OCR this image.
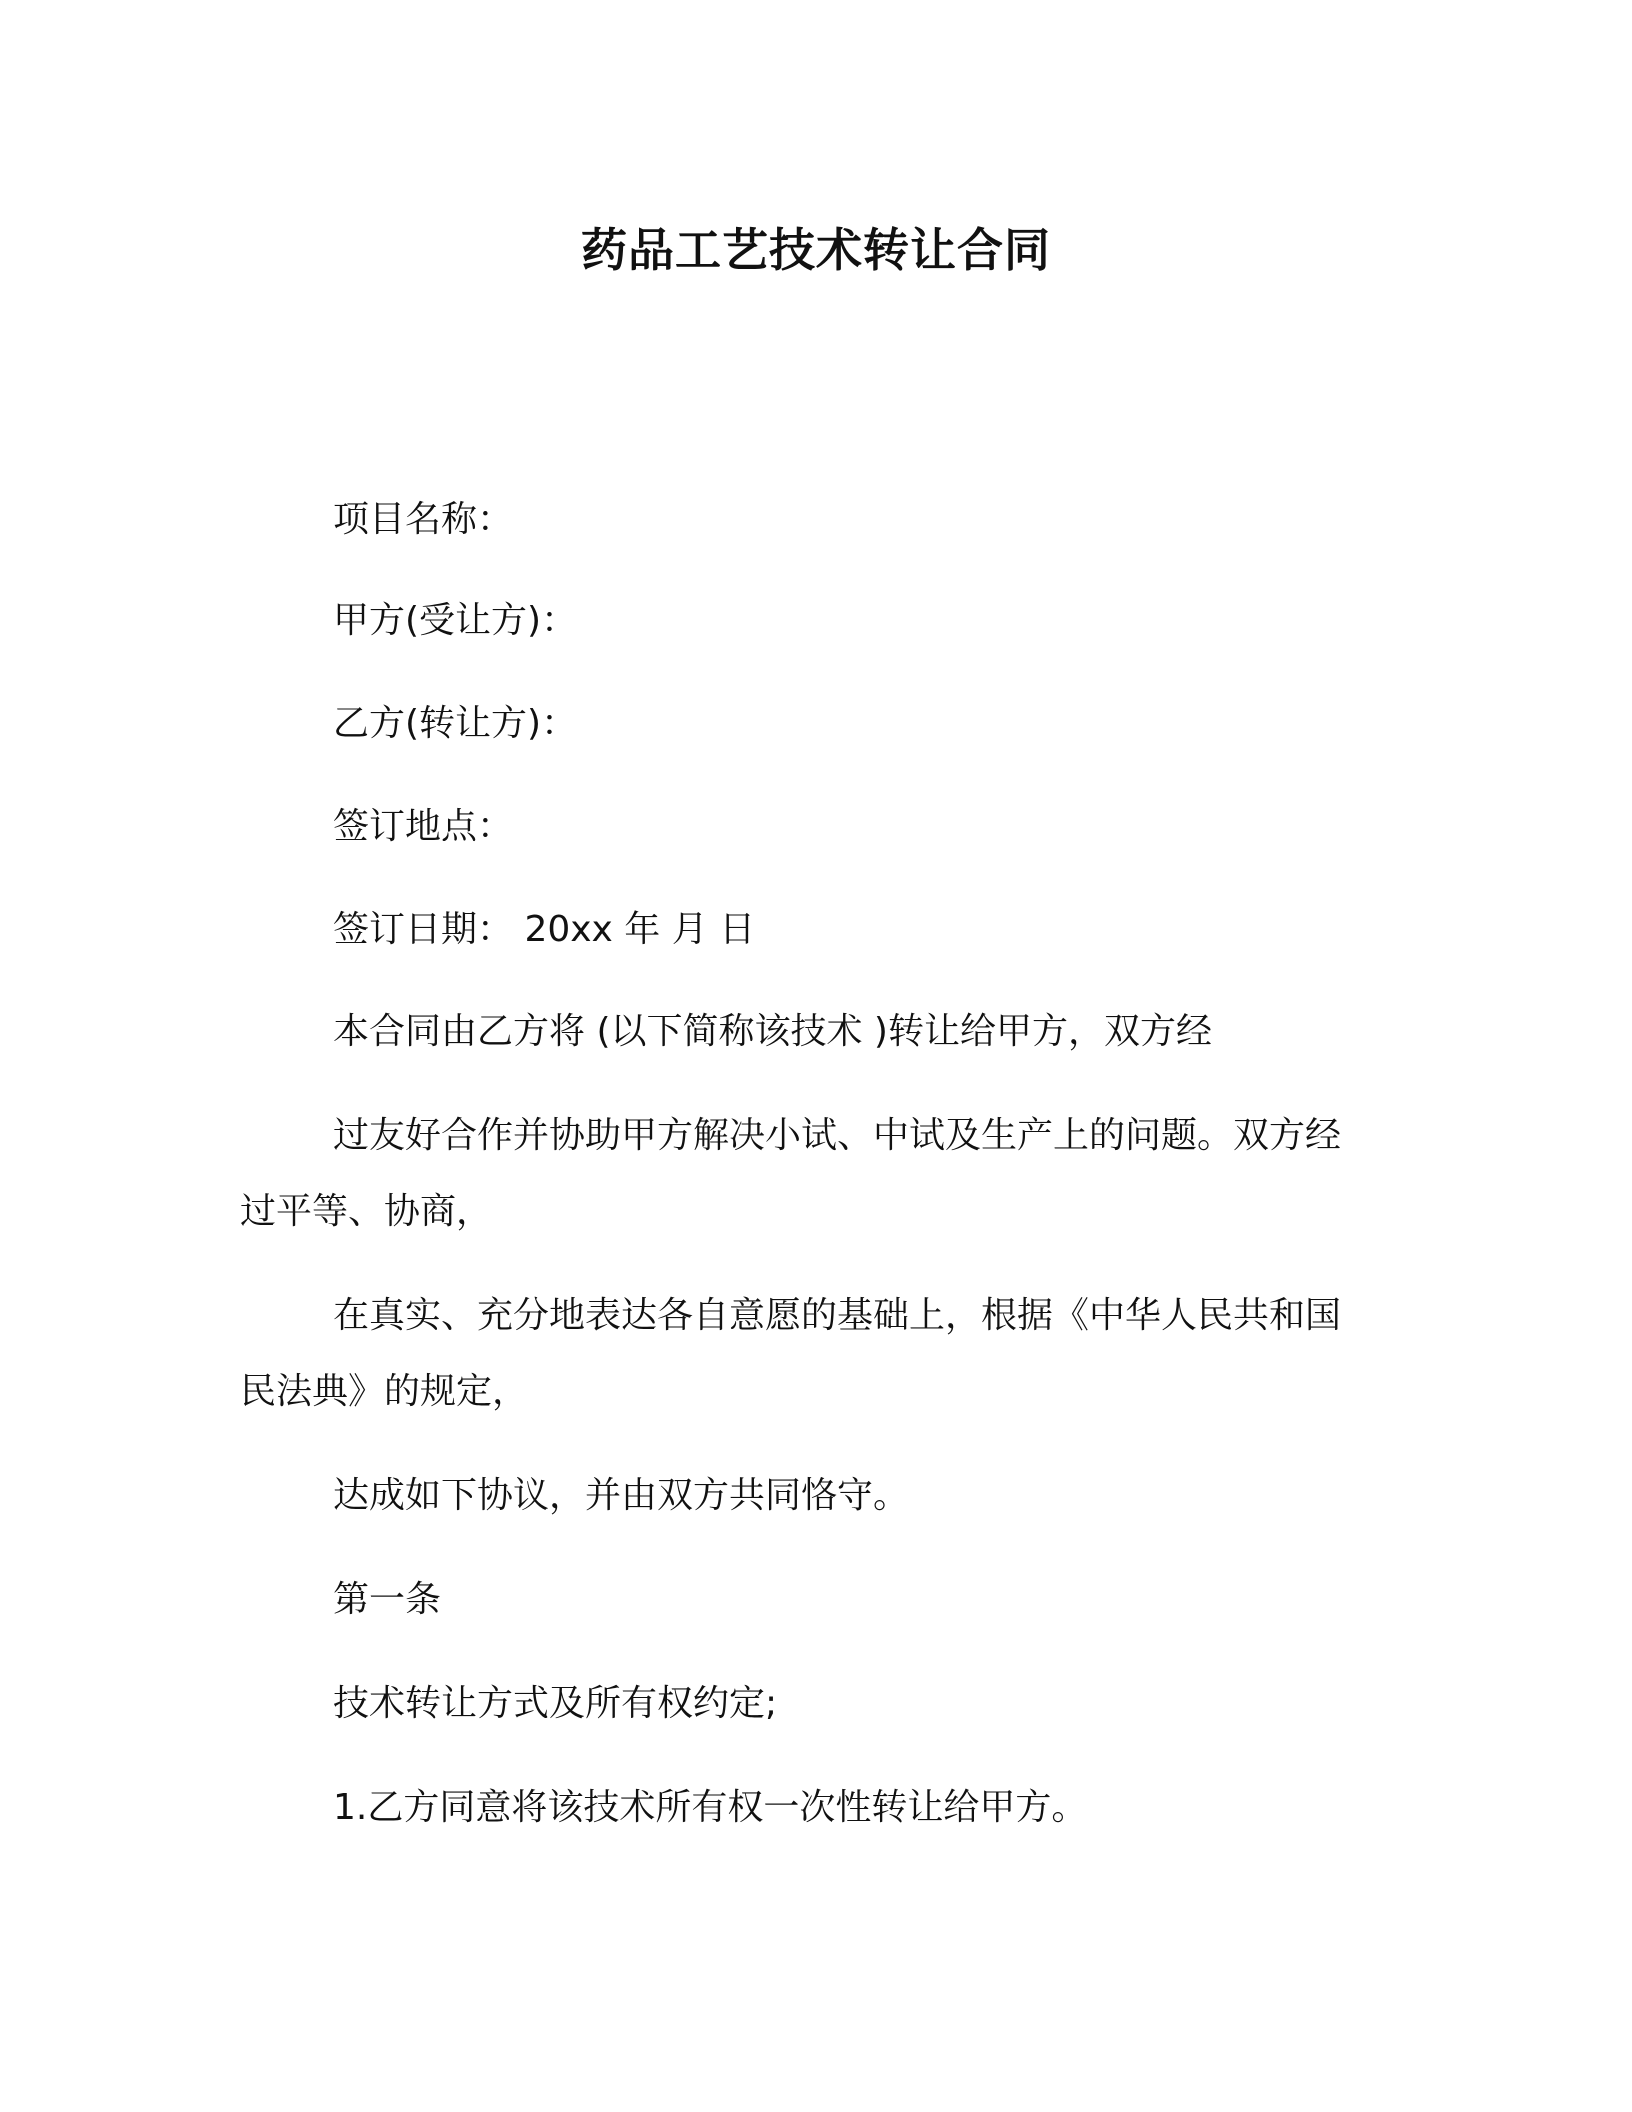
药品工艺技术转让合同
项目名称：
甲方(受让方)：
乙方(转让方)：
签订地点：
签订日期： 20xx 年 月 日
本合同由乙方将 (以下简称该技术 )转让给甲方，双方经
过友好合作并协助甲方解决小试、中试及生产上的问题。双方经
过平等、协商，
在真实、充分地表达各自意愿的基础上，根据《中华人民共和国
民法典》的规定，
达成如下协议，并由双方共同恪守。
第一条
技术转让方式及所有权约定;
1.乙方同意将该技术所有权一次性转让给甲方。
